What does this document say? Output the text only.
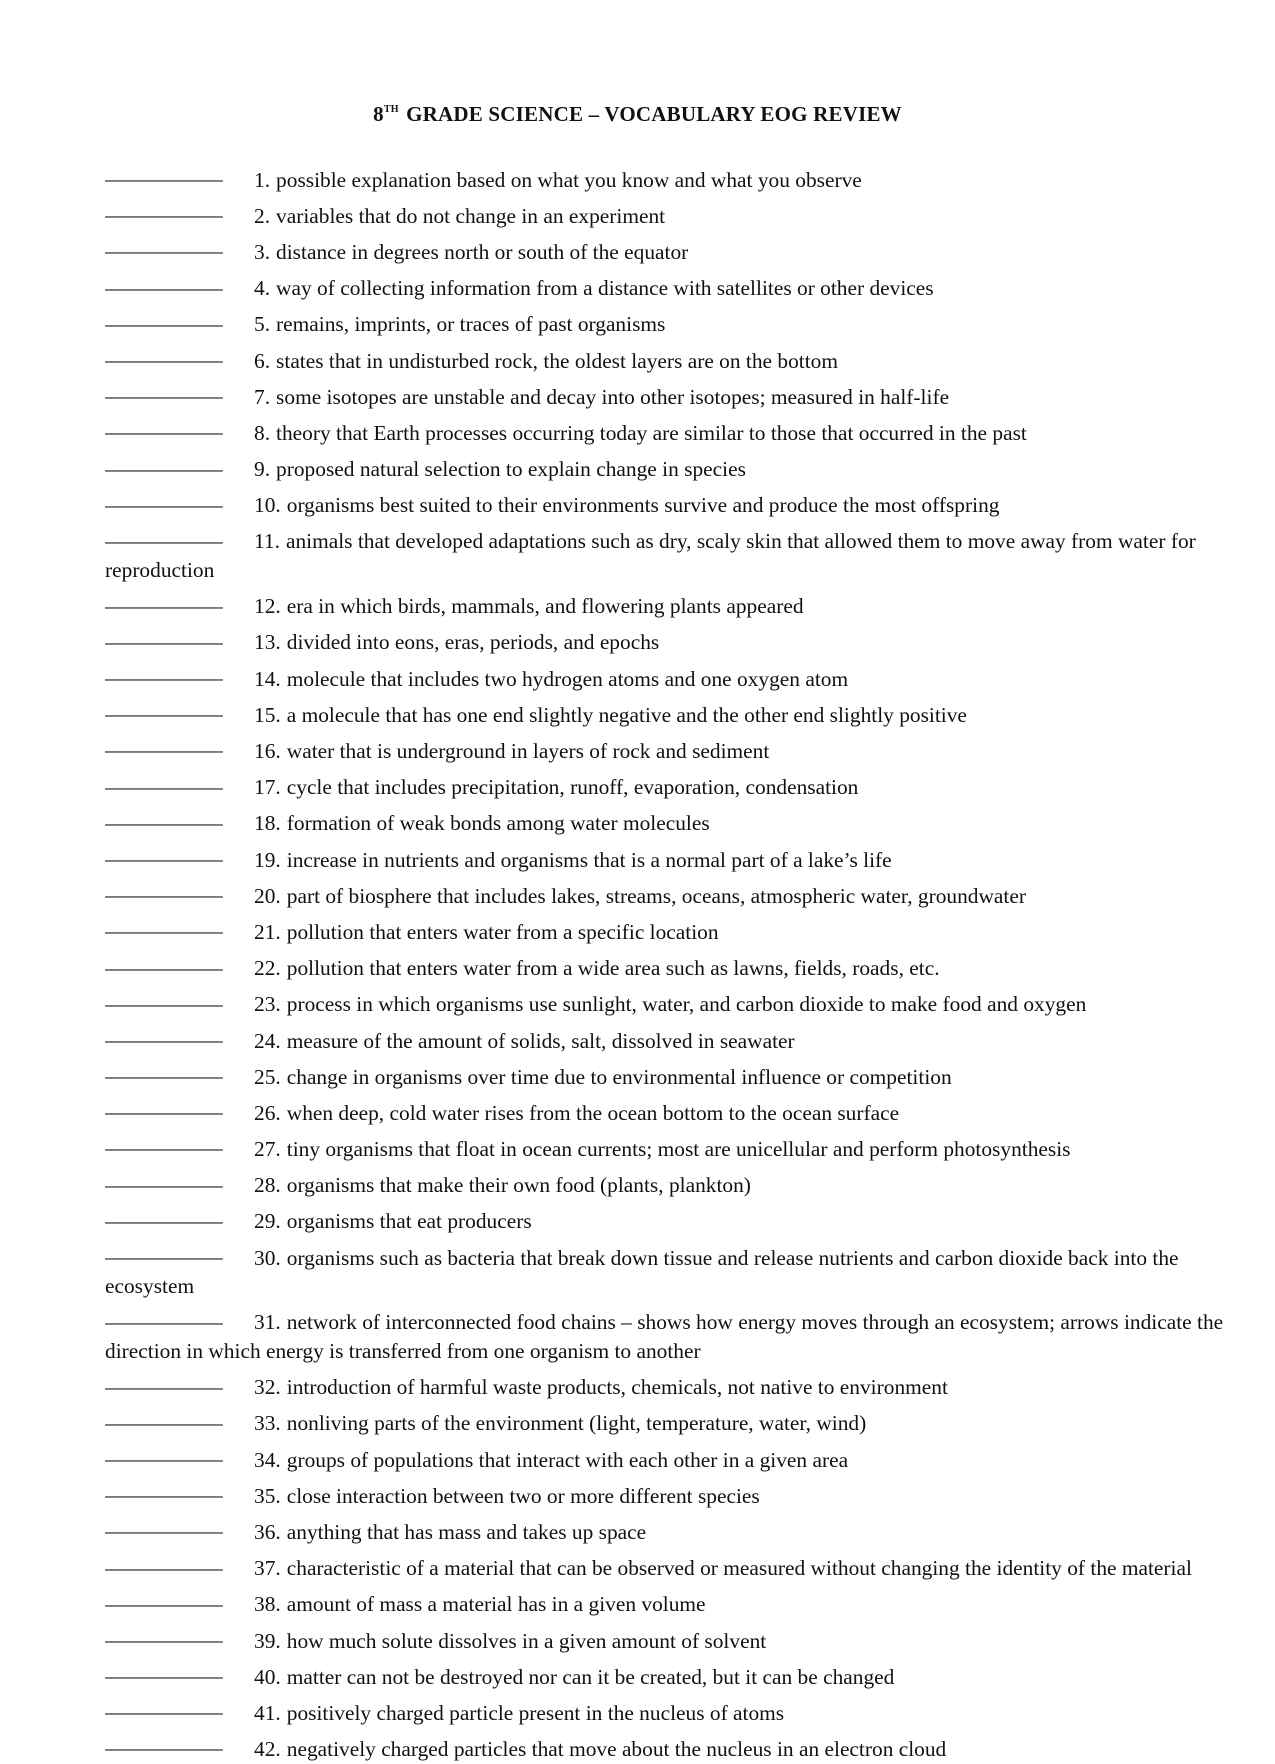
8TH GRADE SCIENCE – VOCABULARY EOG REVIEW

___________ 1. possible explanation based on what you know and what you observe

___________ 2. variables that do not change in an experiment

___________ 3. distance in degrees north or south of the equator

___________ 4. way of collecting information from a distance with satellites or other devices

___________ 5. remains, imprints, or traces of past organisms

___________ 6. states that in undisturbed rock, the oldest layers are on the bottom

___________ 7. some isotopes are unstable and decay into other isotopes; measured in half-life

___________ 8. theory that Earth processes occurring today are similar to those that occurred in the past

___________ 9. proposed natural selection to explain change in species

___________ 10. organisms best suited to their environments survive and produce the most offspring

___________ 11. animals that developed adaptations such as dry, scaly skin that allowed them to move away from water for reproduction

___________ 12. era in which birds, mammals, and flowering plants appeared

___________ 13. divided into eons, eras, periods, and epochs

___________ 14. molecule that includes two hydrogen atoms and one oxygen atom

___________ 15. a molecule that has one end slightly negative and the other end slightly positive

___________ 16. water that is underground in layers of rock and sediment

___________ 17. cycle that includes precipitation, runoff, evaporation, condensation

___________ 18. formation of weak bonds among water molecules

___________ 19. increase in nutrients and organisms that is a normal part of a lake’s life

___________ 20. part of biosphere that includes lakes, streams, oceans, atmospheric water, groundwater

___________ 21. pollution that enters water from a specific location

___________ 22. pollution that enters water from a wide area such as lawns, fields, roads, etc.

___________ 23. process in which organisms use sunlight, water, and carbon dioxide to make food and oxygen

___________ 24. measure of the amount of solids, salt, dissolved in seawater

___________ 25. change in organisms over time due to environmental influence or competition

___________ 26. when deep, cold water rises from the ocean bottom to the ocean surface

___________ 27. tiny organisms that float in ocean currents; most are unicellular and perform photosynthesis

___________ 28. organisms that make their own food (plants, plankton)

___________ 29. organisms that eat producers

___________ 30. organisms such as bacteria that break down tissue and release nutrients and carbon dioxide back into the ecosystem

___________ 31. network of interconnected food chains – shows how energy moves through an ecosystem; arrows indicate the direction in which energy is transferred from one organism to another

___________ 32. introduction of harmful waste products, chemicals, not native to environment

___________ 33. nonliving parts of the environment (light, temperature, water, wind)

___________ 34. groups of populations that interact with each other in a given area

___________ 35. close interaction between two or more different species

___________ 36. anything that has mass and takes up space

___________ 37. characteristic of a material that can be observed or measured without changing the identity of the material

___________ 38. amount of mass a material has in a given volume

___________ 39. how much solute dissolves in a given amount of solvent

___________ 40. matter can not be destroyed nor can it be created, but it can be changed

___________ 41. positively charged particle present in the nucleus of atoms

___________ 42. negatively charged particles that move about the nucleus in an electron cloud
